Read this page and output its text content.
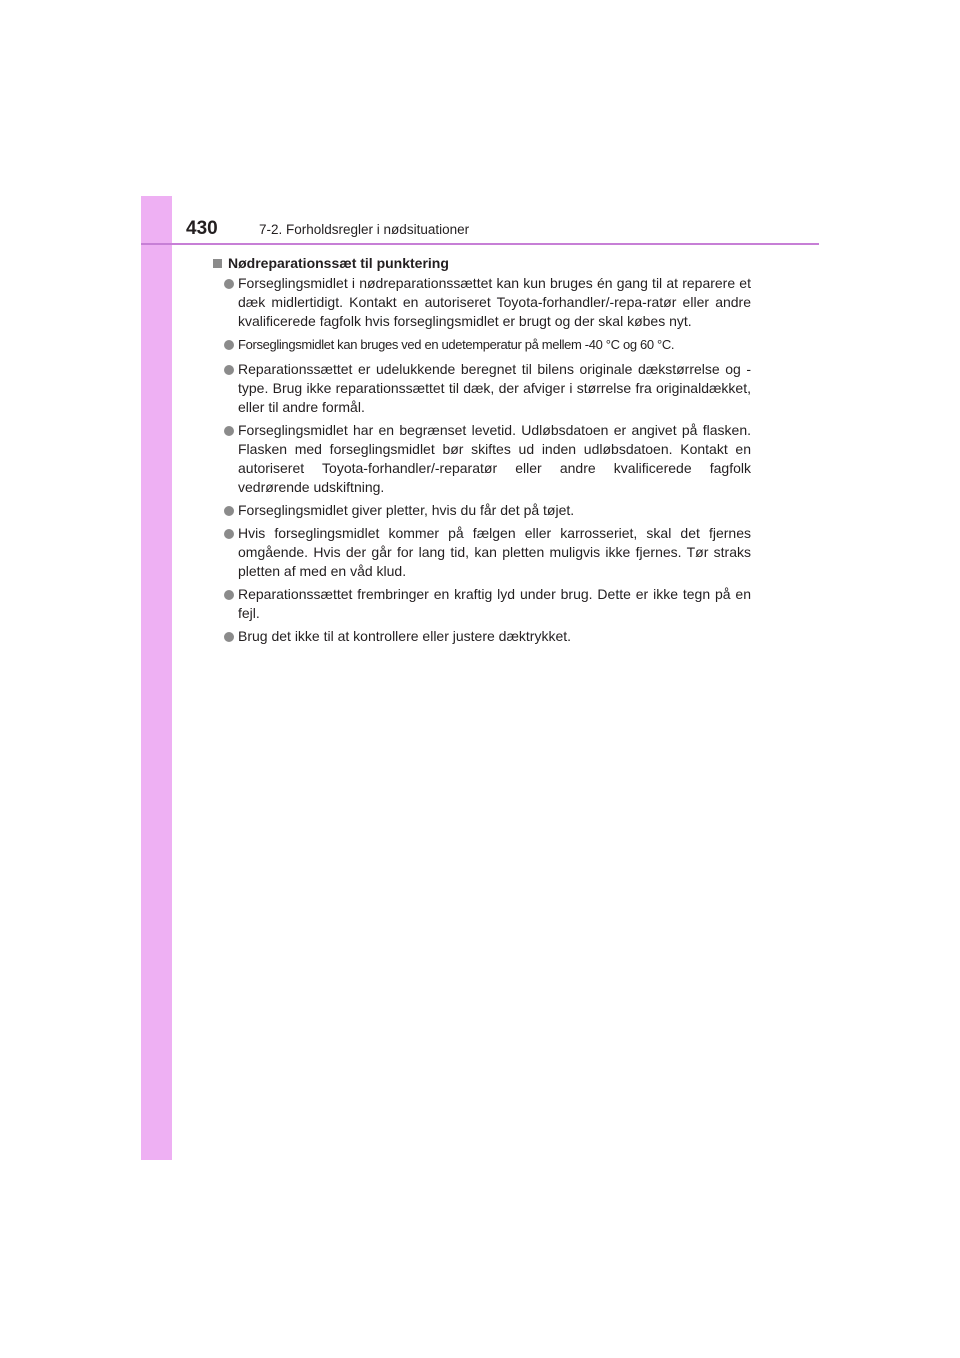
430	7-2. Forholdsregler i nødsituationer
Nødreparationssæt til punktering
Forseglingsmidlet i nødreparationssættet kan kun bruges én gang til at reparere et dæk midlertidigt. Kontakt en autoriseret Toyota-forhandler/-repa-ratør eller andre kvalificerede fagfolk hvis forseglingsmidlet er brugt og der skal købes nyt.
Forseglingsmidlet kan bruges ved en udetemperatur på mellem -40 °C og 60 °C.
Reparationssættet er udelukkende beregnet til bilens originale dækstørrelse og -type. Brug ikke reparationssættet til dæk, der afviger i størrelse fra originaldækket, eller til andre formål.
Forseglingsmidlet har en begrænset levetid. Udløbsdatoen er angivet på flasken. Flasken med forseglingsmidlet bør skiftes ud inden udløbsdatoen. Kontakt en autoriseret Toyota-forhandler/-reparatør eller andre kvalificerede fagfolk vedrørende udskiftning.
Forseglingsmidlet giver pletter, hvis du får det på tøjet.
Hvis forseglingsmidlet kommer på fælgen eller karrosseriet, skal det fjernes omgående. Hvis der går for lang tid, kan pletten muligvis ikke fjernes. Tør straks pletten af med en våd klud.
Reparationssættet frembringer en kraftig lyd under brug. Dette er ikke tegn på en fejl.
Brug det ikke til at kontrollere eller justere dæktrykket.
